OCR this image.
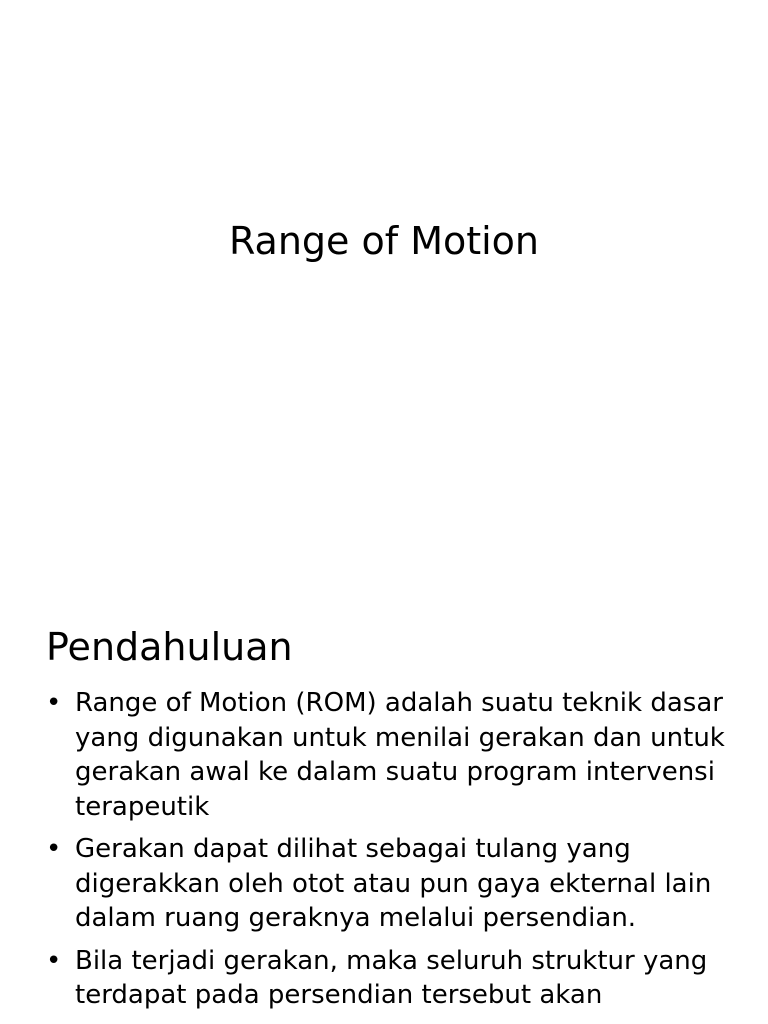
Range of Motion
Pendahuluan
• Range of Motion (ROM) adalah suatu teknik dasar yang digunakan untuk menilai gerakan dan untuk gerakan awal ke dalam suatu program intervensi terapeutik
• Gerakan dapat dilihat sebagai tulang yang digerakkan oleh otot atau pun gaya ekternal lain dalam ruang geraknya melalui persendian.
• Bila terjadi gerakan, maka seluruh struktur yang terdapat pada persendian tersebut akan
